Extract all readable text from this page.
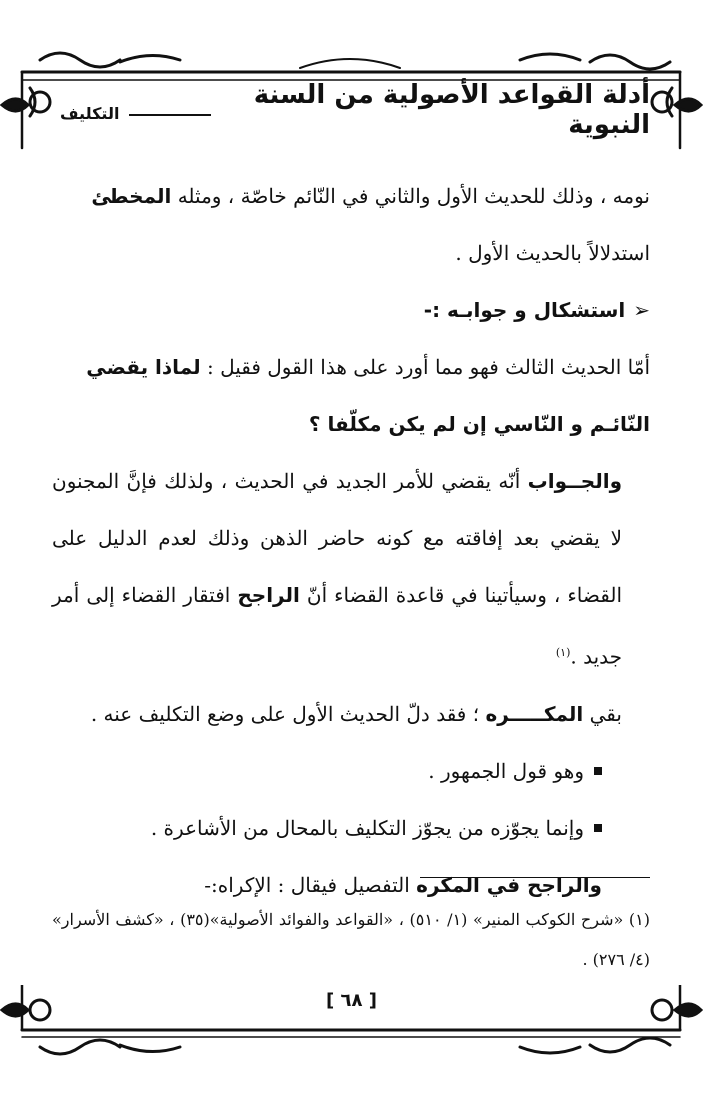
أدلة القواعد الأصولية من السنة النبوية
التكليف

نومه ، وذلك للحديث الأول والثاني في النّائم خاصّة ، ومثله المخطئ

استدلالاً بالحديث الأول .

➢
استشكال و جوابـه :-

أمّا الحديث الثالث فهو مما أورد على هذا القول فقيل : لماذا يقضي
النّائـم و النّاسي إن لم يكن مكلّفا ؟

والجــواب أنّه يقضي للأمر الجديد في الحديث ، ولذلك فإنَّ المجنون لا يقضي بعد إفاقته مع كونه حاضر الذهن وذلك لعدم الدليل على القضاء ، وسيأتينا في قاعدة القضاء أنّ الراجح افتقار القضاء إلى أمر جديد .$^{(١)}$

بقي المكـــــره ؛ فقد دلّ الحديث الأول على وضع التكليف عنه .

وهو قول الجمهور .

وإنما يجوّزه من يجوّز التكليف بالمحال من الأشاعرة .

والراجح في المكره التفصيل فيقال : الإكراه:-

(١) «شرح الكوكب المنير» (١/ ٥١٠) ، «القواعد والفوائد الأصولية»(٣٥) ، «كشف الأسرار» (٤/ ٢٧٦) .
[ ٦٨ ]
